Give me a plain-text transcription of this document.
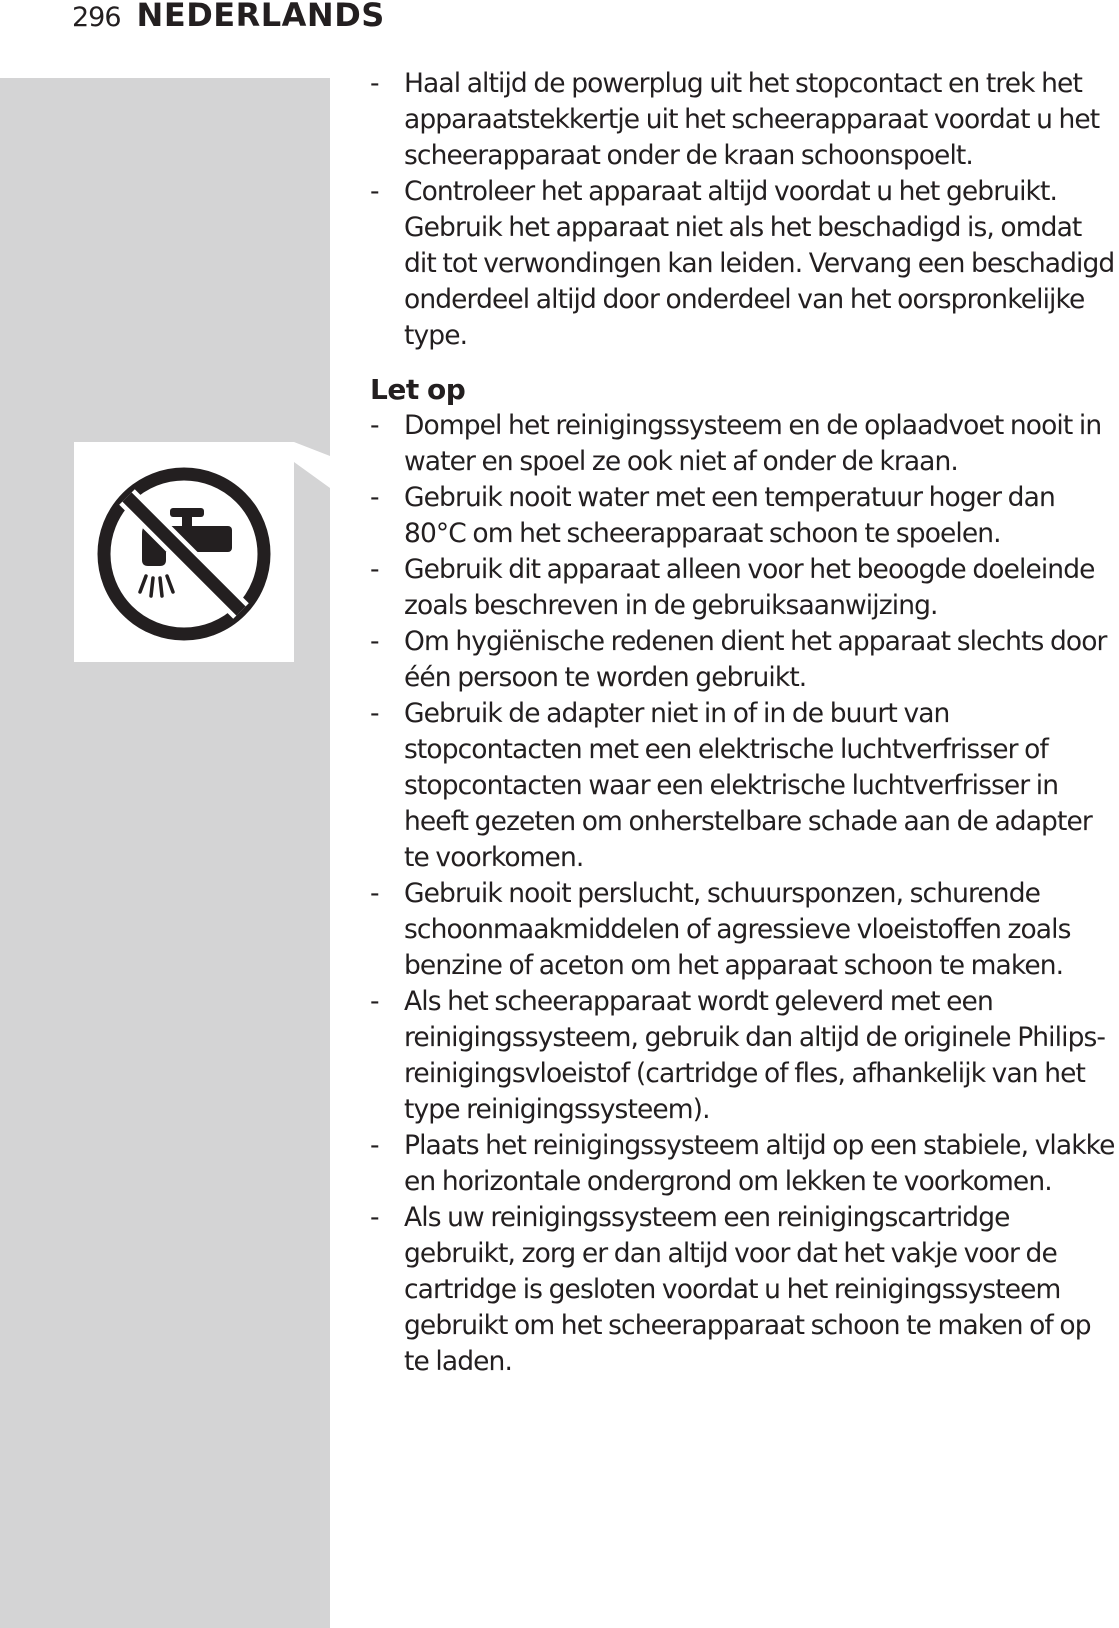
296 NEDERLANDS
- Haal altijd de powerplug uit het stopcontact en trek het apparaatstekkertje uit het scheerapparaat voordat u het scheerapparaat onder de kraan schoonspoelt.
- Controleer het apparaat altijd voordat u het gebruikt. Gebruik het apparaat niet als het beschadigd is, omdat dit tot verwondingen kan leiden. Vervang een beschadigd onderdeel altijd door onderdeel van het oorspronkelijke type.
Let op
- Dompel het reinigingssysteem en de oplaadvoet nooit in water en spoel ze ook niet af onder de kraan.
- Gebruik nooit water met een temperatuur hoger dan 80°C om het scheerapparaat schoon te spoelen.
- Gebruik dit apparaat alleen voor het beoogde doeleinde zoals beschreven in de gebruiksaanwijzing.
- Om hygiënische redenen dient het apparaat slechts door één persoon te worden gebruikt.
- Gebruik de adapter niet in of in de buurt van stopcontacten met een elektrische luchtverfrisser of stopcontacten waar een elektrische luchtverfrisser in heeft gezeten om onherstelbare schade aan de adapter te voorkomen.
- Gebruik nooit perslucht, schuursponzen, schurende schoonmaakmiddelen of agressieve vloeistoffen zoals benzine of aceton om het apparaat schoon te maken.
- Als het scheerapparaat wordt geleverd met een reinigingssysteem, gebruik dan altijd de originele Philips-reinigingsvloeistof (cartridge of fles, afhankelijk van het type reinigingssysteem).
- Plaats het reinigingssysteem altijd op een stabiele, vlakke en horizontale ondergrond om lekken te voorkomen.
- Als uw reinigingssysteem een reinigingscartridge gebruikt, zorg er dan altijd voor dat het vakje voor de cartridge is gesloten voordat u het reinigingssysteem gebruikt om het scheerapparaat schoon te maken of op te laden.
